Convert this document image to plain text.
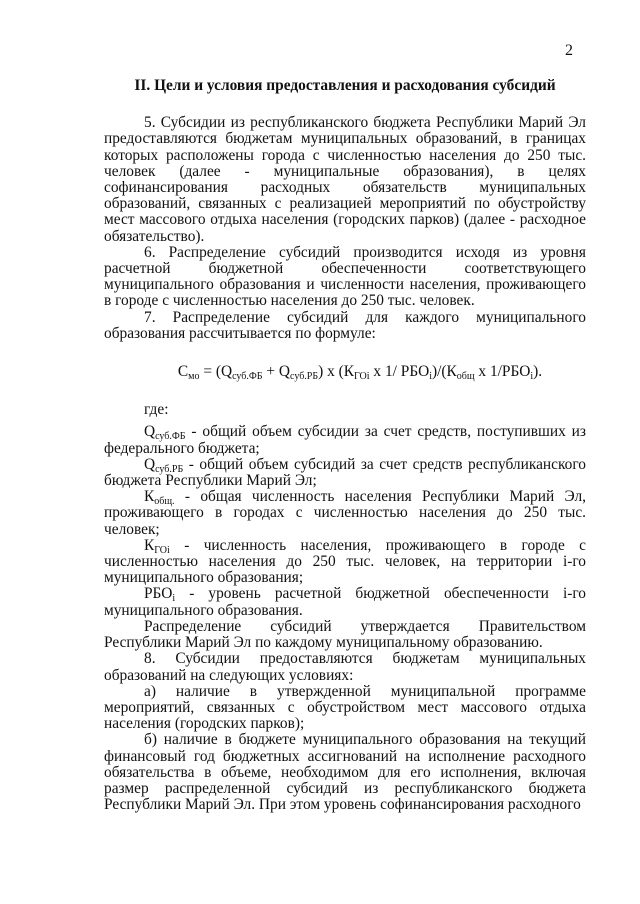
2
II. Цели и условия предоставления и расходования субсидий

5. Субсидии из республиканского бюджета Республики Марий Эл предоставляются бюджетам муниципальных образований, в границах которых расположены города с численностью населения до 250 тыс. человек (далее - муниципальные образования), в целях софинансирования расходных обязательств муниципальных образований, связанных с реализацией мероприятий по обустройству мест массового отдыха населения (городских парков) (далее - расходное обязательство).

6. Распределение субсидий производится исходя из уровня расчетной бюджетной обеспеченности соответствующего муниципального образования и численности населения, проживающего в городе с численностью населения до 250 тыс. человек.

7. Распределение субсидий для каждого муниципального образования рассчитывается по формуле:

$С_{мо} = (Q_{суб.ФБ} + Q_{суб.РБ})$ x ($К_{ГОi}$ x 1/ $РБО_i)/(К_{общ}$ x $1/РБО_i$).

где:

$Q_{суб.ФБ}$ - общий объем субсидии за счет средств, поступивших из федерального бюджета;

$Q_{суб.РБ}$ - общий объем субсидий за счет средств республиканского бюджета Республики Марий Эл;

$К_{общ.}$ - общая численность населения Республики Марий Эл, проживающего в городах с численностью населения до 250 тыс. человек;

$К_{ГОi}$ - численность населения, проживающего в городе с численностью населения до 250 тыс. человек, на территории i-го муниципального образования;

$РБО_i$ - уровень расчетной бюджетной обеспеченности i-го муниципального образования.

Распределение субсидий утверждается Правительством Республики Марий Эл по каждому муниципальному образованию.

8. Субсидии предоставляются бюджетам муниципальных образований на следующих условиях:

а) наличие в утвержденной муниципальной программе мероприятий, связанных с обустройством мест массового отдыха населения (городских парков);

б) наличие в бюджете муниципального образования на текущий финансовый год бюджетных ассигнований на исполнение расходного обязательства в объеме, необходимом для его исполнения, включая размер распределенной субсидий из республиканского бюджета Республики Марий Эл. При этом уровень софинансирования расходного
